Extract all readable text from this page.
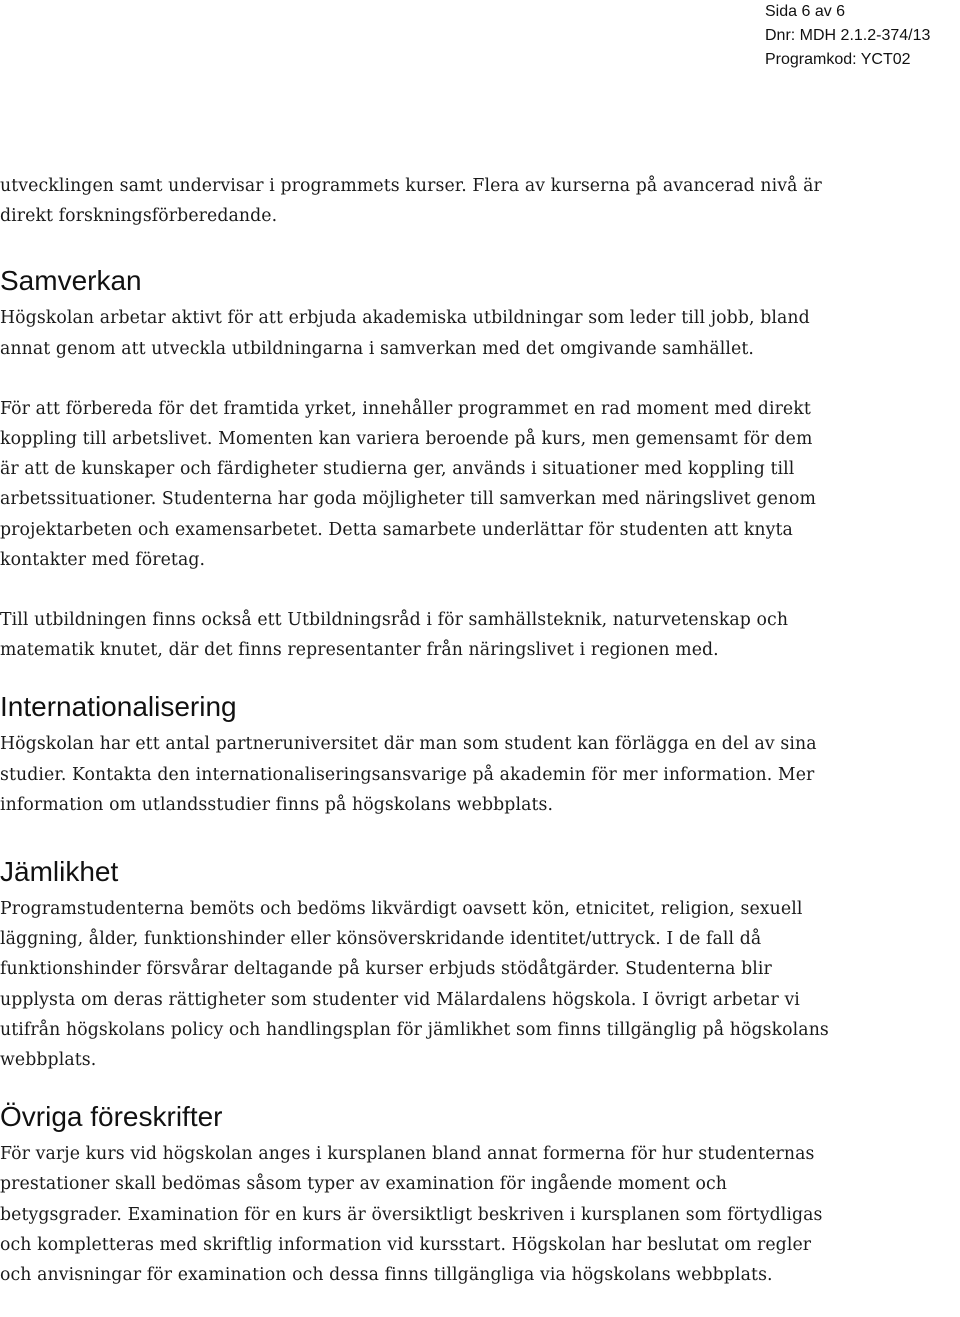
Sida 6 av 6
Dnr: MDH 2.1.2-374/13
Programkod: YCT02

utvecklingen samt undervisar i programmets kurser. Flera av kurserna på avancerad nivå är
direkt forskningsförberedande.

Samverkan

Högskolan arbetar aktivt för att erbjuda akademiska utbildningar som leder till jobb, bland
annat genom att utveckla utbildningarna i samverkan med det omgivande samhället.

För att förbereda för det framtida yrket, innehåller programmet en rad moment med direkt
koppling till arbetslivet. Momenten kan variera beroende på kurs, men gemensamt för dem
är att de kunskaper och färdigheter studierna ger, används i situationer med koppling till
arbetssituationer. Studenterna har goda möjligheter till samverkan med näringslivet genom
projektarbeten och examensarbetet. Detta samarbete underlättar för studenten att knyta
kontakter med företag.

Till utbildningen finns också ett Utbildningsråd i för samhällsteknik, naturvetenskap och
matematik knutet, där det finns representanter från näringslivet i regionen med.

Internationalisering

Högskolan har ett antal partneruniversitet där man som student kan förlägga en del av sina
studier. Kontakta den internationaliseringsansvarige på akademin för mer information. Mer
information om utlandsstudier finns på högskolans webbplats.

Jämlikhet

Programstudenterna bemöts och bedöms likvärdigt oavsett kön, etnicitet, religion, sexuell
läggning, ålder, funktionshinder eller könsöverskridande identitet/uttryck. I de fall då
funktionshinder försvårar deltagande på kurser erbjuds stödåtgärder. Studenterna blir
upplysta om deras rättigheter som studenter vid Mälardalens högskola. I övrigt arbetar vi
utifrån högskolans policy och handlingsplan för jämlikhet som finns tillgänglig på högskolans
webbplats.

Övriga föreskrifter

För varje kurs vid högskolan anges i kursplanen bland annat formerna för hur studenternas
prestationer skall bedömas såsom typer av examination för ingående moment och
betygsgrader. Examination för en kurs är översiktligt beskriven i kursplanen som förtydligas
och kompletteras med skriftlig information vid kursstart. Högskolan har beslutat om regler
och anvisningar för examination och dessa finns tillgängliga via högskolans webbplats.
